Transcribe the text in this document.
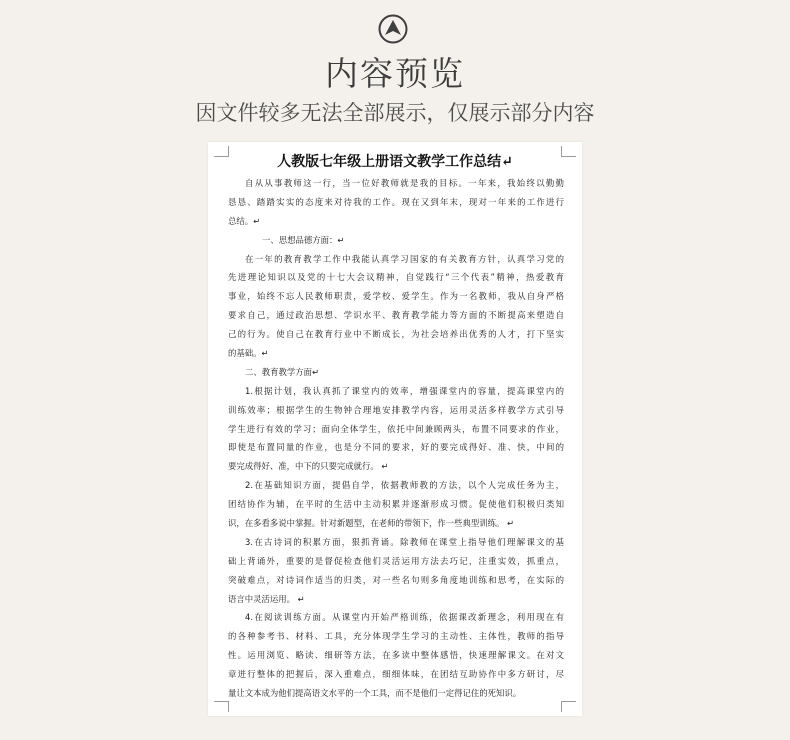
内容预览
因文件较多无法全部展示，仅展示部分内容
人教版七年级上册语文教学工作总结↵
自从从事教师这一行，当一位好教师就是我的目标。一年来，我始终以勤勤
恳恳、踏踏实实的态度来对待我的工作。现在又到年末，现对一年来的工作进行
总结。↵
一、思想品德方面：↵
在一年的教育教学工作中我能认真学习国家的有关教育方针，认真学习党的
先进理论知识以及党的十七大会议精神，自觉践行“三个代表”精神，热爱教育
事业，始终不忘人民教师职责，爱学校、爱学生。作为一名教师，我从自身严格
要求自己，通过政治思想、学识水平、教育教学能力等方面的不断提高来塑造自
己的行为。使自己在教育行业中不断成长，为社会培养出优秀的人才，打下坚实
的基础。↵
二、教育教学方面↵
1.根据计划，我认真抓了课堂内的效率，增强课堂内的容量，提高课堂内的
训练效率；根据学生的生物钟合理地安排教学内容，运用灵活多样教学方式引导
学生进行有效的学习；面向全体学生，依托中间兼顾两头，布置不同要求的作业，
即使是布置同量的作业，也是分不同的要求，好的要完成得好、准、快，中间的
要完成得好、准，中下的只要完成就行。 ↵
2.在基础知识方面，提倡自学，依据教师教的方法，以个人完成任务为主，
团结协作为辅，在平时的生活中主动积累并逐渐形成习惯。促使他们积极归类知
识，在多看多说中掌握。针对新题型，在老师的带领下，作一些典型训练。 ↵
3.在古诗词的积累方面，狠抓背诵。除教师在课堂上指导他们理解课文的基
础上背诵外，重要的是督促检查他们灵活运用方法去巧记，注重实效，抓重点，
突破难点，对诗词作适当的归类，对一些名句则多角度地训练和思考，在实际的
语言中灵活运用。 ↵
4.在阅读训练方面。从课堂内开始严格训练，依据课改新理念，利用现在有
的各种参考书、材料、工具，充分体现学生学习的主动性、主体性，教师的指导
性。运用浏览、略读、细研等方法，在多读中整体感悟，快速理解课文。在对文
章进行整体的把握后，深入重难点，细细体味，在团结互助协作中多方研讨，尽
量让文本成为他们提高语文水平的一个工具，而不是他们一定得记住的死知识。
